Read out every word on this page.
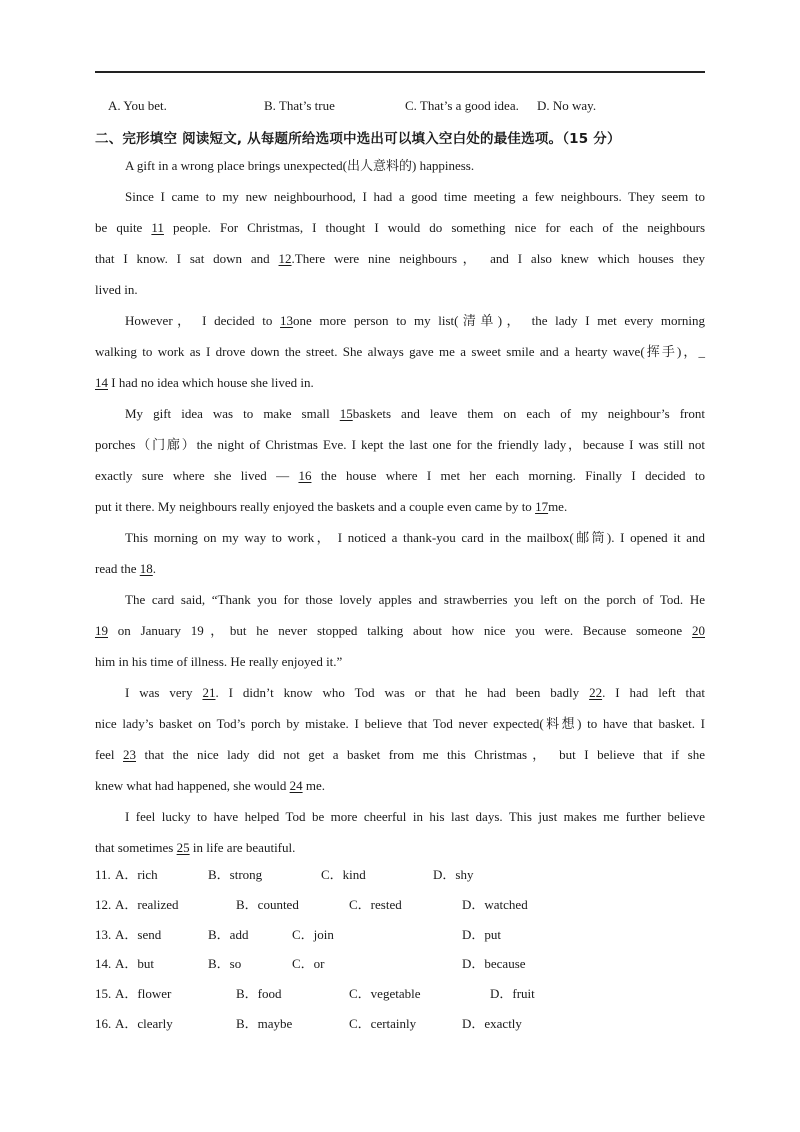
A. You bet.	B. That’s true	C. That’s a good idea. D. No way.
二、完形填空 阅读短文, 从每题所给选项中选出可以填入空白处的最佳选项。（15 分）
A gift in a wrong place brings unexpected(出人意料的) happiness.
Since I came to my new neighbourhood, I had a good time meeting a few neighbours. They seem to
be quite 11 people. For Christmas, I thought I would do something nice for each of the neighbours
that I know. I sat down and 12.There were nine neighbours， and I also knew which houses they
lived in.
However， I decided to 13one more person to my list(清单)， the lady I met every morning
walking to work as I drove down the street. She always gave me a sweet smile and a hearty wave(挥手)，_
14 I had no idea which house she lived in.
My gift idea was to make small 15baskets and leave them on each of my neighbour’s front
porches（门廊）the night of Christmas Eve. I kept the last one for the friendly lady，because I was still not
exactly sure where she lived — 16 the house where I met her each morning. Finally I decided to
put it there. My neighbours really enjoyed the baskets and a couple even came by to 17me.
This morning on my way to work， I noticed a thank-you card in the mailbox(邮筒). I opened it and
read the 18.
The card said, “Thank you for those lovely apples and strawberries you left on the porch of Tod. He
19 on January 19，but he never stopped talking about how nice you were. Because someone 20
him in his time of illness. He really enjoyed it.”
I was very 21. I didn’t know who Tod was or that he had been badly 22. I had left that
nice lady’s basket on Tod’s porch by mistake. I believe that Tod never expected(料想) to have that basket. I
feel 23 that the nice lady did not get a basket from me this Christmas， but I believe that if she
knew what had happened, she would 24 me.
I feel lucky to have helped Tod be more cheerful in his last days. This just makes me further believe
that sometimes 25 in life are beautiful.
11. A．rich	B．strong	C．kind	D．shy
12. A．realized	B．counted	C．rested	D．watched
13. A．send	B．add	C．join	D．put
14. A．but	B．so	C．or	D．because
15. A．flower	B．food	C．vegetable	D．fruit
16. A．clearly	B．maybe	C．certainly	D．exactly
